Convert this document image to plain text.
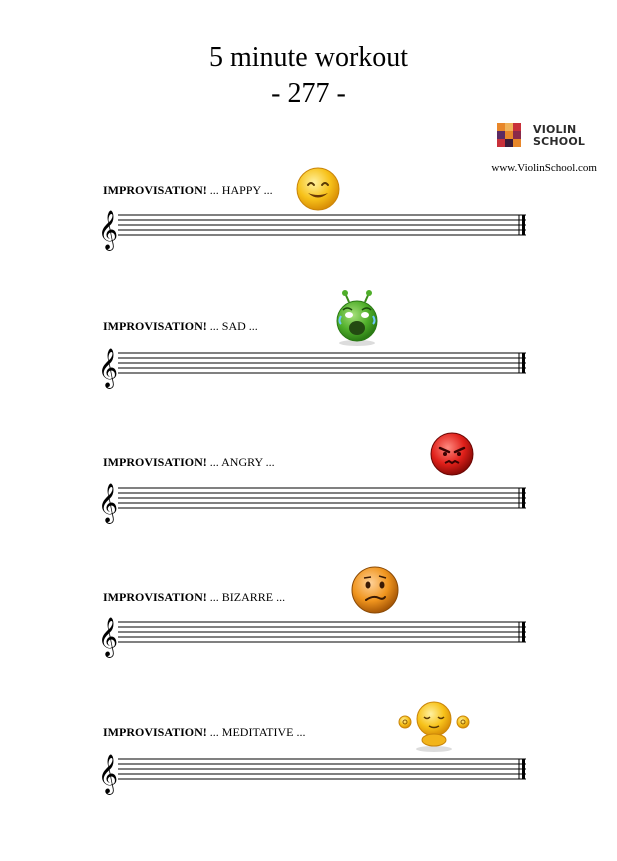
5 minute workout
- 277 -
VIOLIN
SCHOOL
www.ViolinSchool.com
IMPROVISATION! ... HAPPY ...
𝄞
IMPROVISATION! ... SAD ...
𝄞
IMPROVISATION! ... ANGRY ...
𝄞
IMPROVISATION! ... BIZARRE ...
𝄞
IMPROVISATION! ... MEDITATIVE ...
𝄞
